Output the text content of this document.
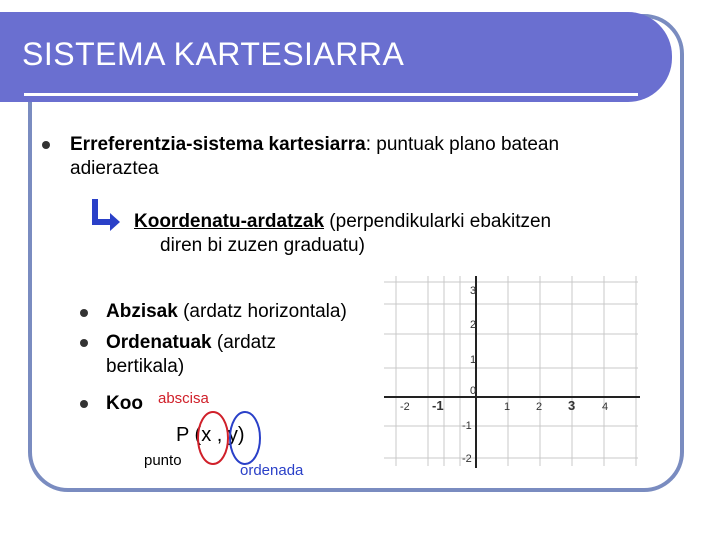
SISTEMA KARTESIARRA
Erreferentzia-sistema kartesiarra: puntuak plano batean
adieraztea
Koordenatu-ardatzak (perpendikularki ebakitzen
diren bi zuzen graduatu)
Abzisak (ardatz horizontala)
Ordenatuak (ardatz
bertikala)
Koo	-2 -1	1 2 3 4
3
2
1
0
-1
-2
abscisa
P (x , y)
punto
ordenada
